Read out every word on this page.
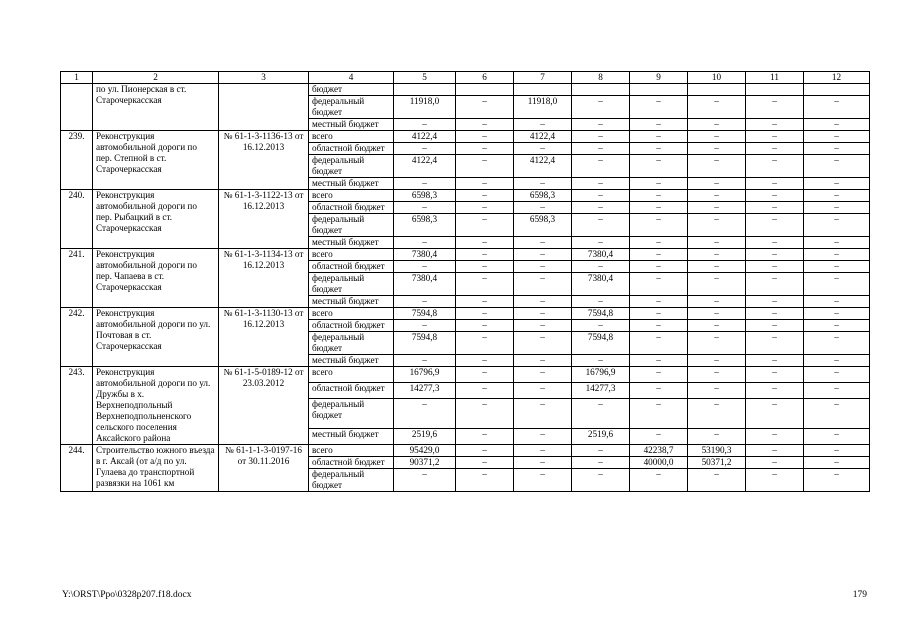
1	2	3	4	5	6	7	8	9	10	11	12
	по ул. Пионерская в ст. Старочеркасская		бюджет								
			федеральный бюджет	11918,0	–	11918,0	–	–	–	–	–
			местный бюджет	–	–	–	–	–	–	–	–
239.	Реконструкция автомобильной дороги по пер. Степной в ст. Старочеркасская	№ 61-1-3-1136-13 от 16.12.2013	всего	4122,4	–	4122,4	–	–	–	–	–
			областной бюджет	–	–	–	–	–	–	–	–
			федеральный бюджет	4122,4	–	4122,4	–	–	–	–	–
			местный бюджет	–	–	–	–	–	–	–	–
240.	Реконструкция автомобильной дороги по пер. Рыбацкий в ст. Старочеркасская	№ 61-1-3-1122-13 от 16.12.2013	всего	6598,3	–	6598,3	–	–	–	–	–
			областной бюджет	–	–	–	–	–	–	–	–
			федеральный бюджет	6598,3	–	6598,3	–	–	–	–	–
			местный бюджет	–	–	–	–	–	–	–	–
241.	Реконструкция автомобильной дороги по пер. Чапаева в ст. Старочеркасская	№ 61-1-3-1134-13 от 16.12.2013	всего	7380,4	–	–	7380,4	–	–	–	–
			областной бюджет	–	–	–	–	–	–	–	–
			федеральный бюджет	7380,4	–	–	7380,4	–	–	–	–
			местный бюджет	–	–	–	–	–	–	–	–
242.	Реконструкция автомобильной дороги по ул. Почтовая в ст. Старочеркасская	№ 61-1-3-1130-13 от 16.12.2013	всего	7594,8	–	–	7594,8	–	–	–	–
			областной бюджет	–	–	–	–	–	–	–	–
			федеральный бюджет	7594,8	–	–	7594,8	–	–	–	–
			местный бюджет	–	–	–	–	–	–	–	–
243.	Реконструкция автомобильной дороги по ул. Дружбы в х. Верхнеподпольный Верхнеподпольненского сельского поселения Аксайского района	№ 61-1-5-0189-12 от 23.03.2012	всего	16796,9	–	–	16796,9	–	–	–	–
			областной бюджет	14277,3	–	–	14277,3	–	–	–	–
			федеральный бюджет	–	–	–	–	–	–	–	–
			местный бюджет	2519,6	–	–	2519,6	–	–	–	–
244.	Строительство южного въезда в г. Аксай (от а/д по ул. Гулаева до транспортной развязки на 1061 км	№ 61-1-1-3-0197-16 от 30.11.2016	всего	95429,0	–	–	–	42238,7	53190,3	–	–
			областной бюджет	90371,2	–	–	–	40000,0	50371,2	–	–
			федеральный бюджет	–	–	–	–	–	–	–	–
Y:\ORST\Ppo\0328p207.f18.docx	179
